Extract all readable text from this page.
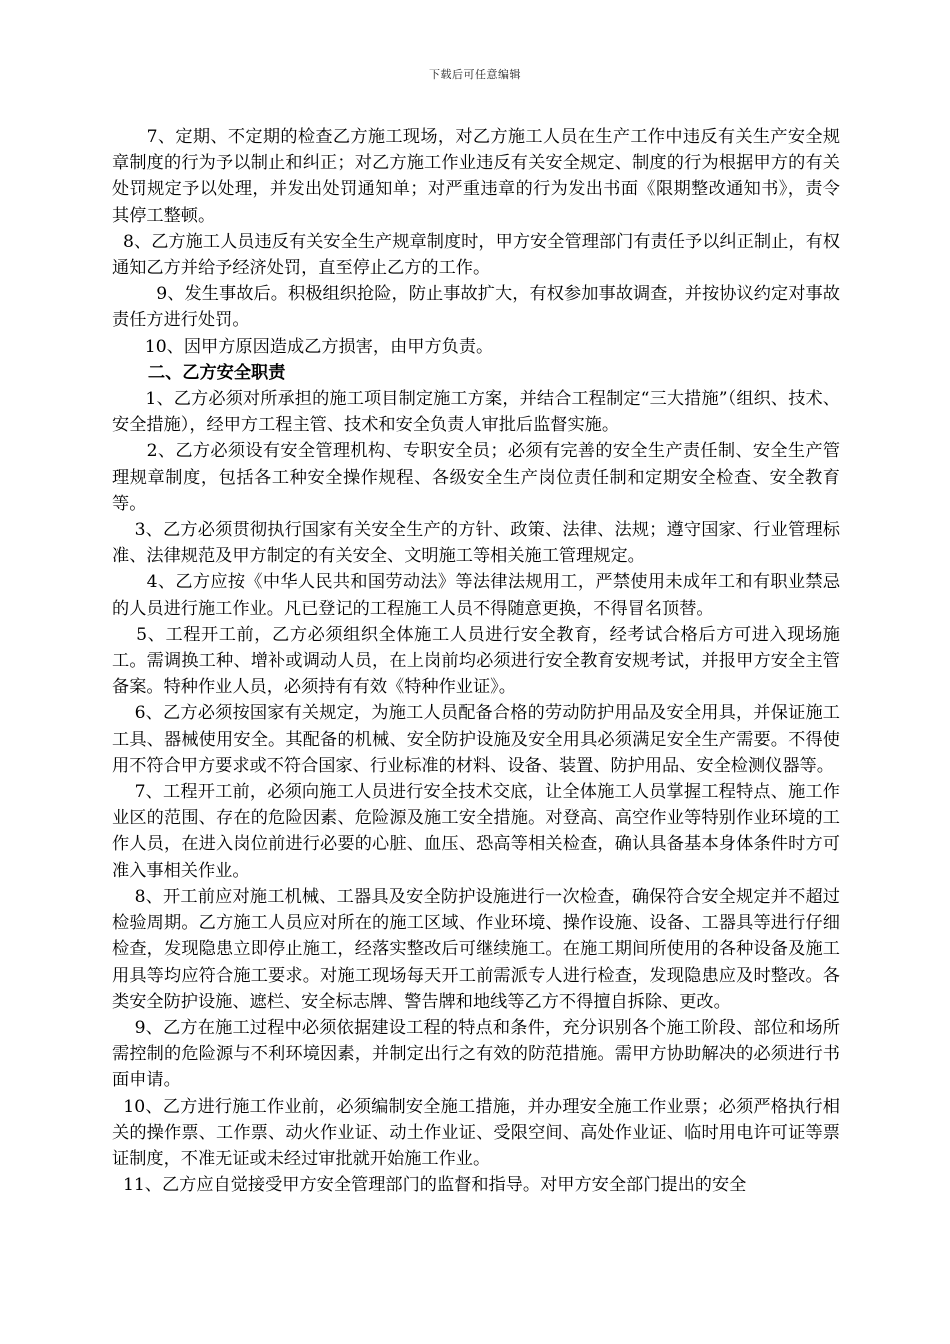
下载后可任意编辑

7、定期、不定期的检查乙方施工现场，对乙方施工人员在生产工作中违反有关生产安全规章制度的行为予以制止和纠正；对乙方施工作业违反有关安全规定、制度的行为根据甲方的有关处罚规定予以处理，并发出处罚通知单；对严重违章的行为发出书面《限期整改通知书》，责令其停工整顿。

8、乙方施工人员违反有关安全生产规章制度时，甲方安全管理部门有责任予以纠正制止，有权通知乙方并给予经济处罚，直至停止乙方的工作。

9、发生事故后。积极组织抢险，防止事故扩大，有权参加事故调查，并按协议约定对事故责任方进行处罚。

10、因甲方原因造成乙方损害，由甲方负责。

二、乙方安全职责

1、乙方必须对所承担的施工项目制定施工方案，并结合工程制定“三大措施”（组织、技术、安全措施），经甲方工程主管、技术和安全负责人审批后监督实施。

2、乙方必须设有安全管理机构、专职安全员；必须有完善的安全生产责任制、安全生产管理规章制度，包括各工种安全操作规程、各级安全生产岗位责任制和定期安全检查、安全教育等。

3、乙方必须贯彻执行国家有关安全生产的方针、政策、法律、法规；遵守国家、行业管理标准、法律规范及甲方制定的有关安全、文明施工等相关施工管理规定。

4、乙方应按《中华人民共和国劳动法》等法律法规用工，严禁使用未成年工和有职业禁忌的人员进行施工作业。凡已登记的工程施工人员不得随意更换，不得冒名顶替。

5、工程开工前，乙方必须组织全体施工人员进行安全教育，经考试合格后方可进入现场施工。需调换工种、增补或调动人员，在上岗前均必须进行安全教育安规考试，并报甲方安全主管备案。特种作业人员，必须持有有效《特种作业证》。

6、乙方必须按国家有关规定，为施工人员配备合格的劳动防护用品及安全用具，并保证施工工具、器械使用安全。其配备的机械、安全防护设施及安全用具必须满足安全生产需要。不得使用不符合甲方要求或不符合国家、行业标准的材料、设备、装置、防护用品、安全检测仪器等。

7、工程开工前，必须向施工人员进行安全技术交底，让全体施工人员掌握工程特点、施工作业区的范围、存在的危险因素、危险源及施工安全措施。对登高、高空作业等特别作业环境的工作人员，在进入岗位前进行必要的心脏、血压、恐高等相关检查，确认具备基本身体条件时方可准入事相关作业。

8、开工前应对施工机械、工器具及安全防护设施进行一次检查，确保符合安全规定并不超过检验周期。乙方施工人员应对所在的施工区域、作业环境、操作设施、设备、工器具等进行仔细检查，发现隐患立即停止施工，经落实整改后可继续施工。在施工期间所使用的各种设备及施工用具等均应符合施工要求。对施工现场每天开工前需派专人进行检查，发现隐患应及时整改。各类安全防护设施、遮栏、安全标志牌、警告牌和地线等乙方不得擅自拆除、更改。

9、乙方在施工过程中必须依据建设工程的特点和条件，充分识别各个施工阶段、部位和场所需控制的危险源与不利环境因素，并制定出行之有效的防范措施。需甲方协助解决的必须进行书面申请。

10、乙方进行施工作业前，必须编制安全施工措施，并办理安全施工作业票；必须严格执行相关的操作票、工作票、动火作业证、动土作业证、受限空间、高处作业证、临时用电许可证等票证制度，不准无证或未经过审批就开始施工作业。

11、乙方应自觉接受甲方安全管理部门的监督和指导。对甲方安全部门提出的安全
